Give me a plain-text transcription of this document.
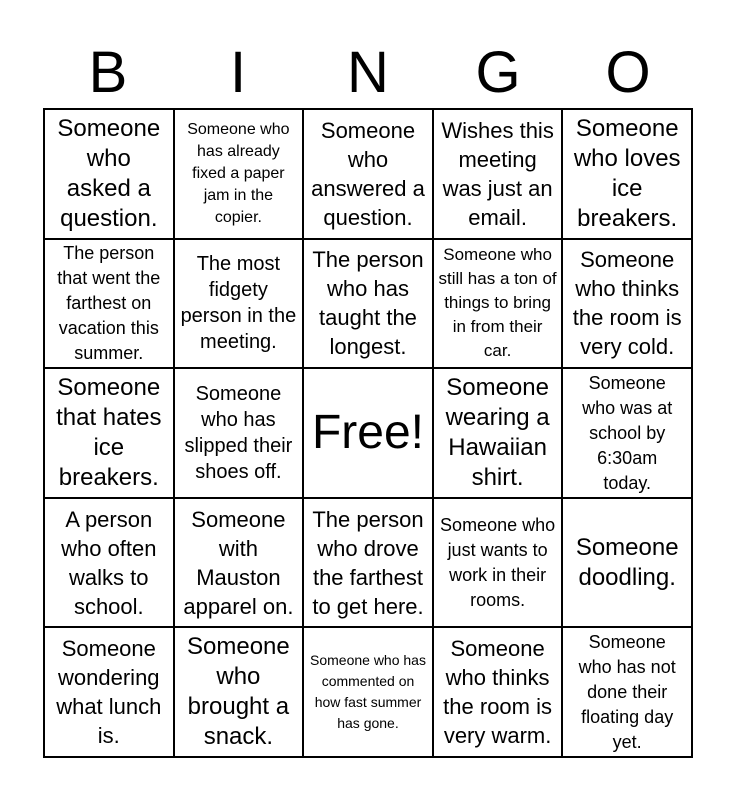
B	I	N	G	O
Someone who asked a question.
Someone who has already fixed a paper jam in the copier.
Someone who answered a question.
Wishes this meeting was just an email.
Someone who loves ice breakers.
The person that went the farthest on vacation this summer.
The most fidgety person in the meeting.
The person who has taught the longest.
Someone who still has a ton of things to bring in from their car.
Someone who thinks the room is very cold.
Someone that hates ice breakers.
Someone who has slipped their shoes off.
Free!
Someone wearing a Hawaiian shirt.
Someone who was at school by 6:30am today.
A person who often walks to school.
Someone with Mauston apparel on.
The person who drove the farthest to get here.
Someone who just wants to work in their rooms.
Someone doodling.
Someone wondering what lunch is.
Someone who brought a snack.
Someone who has commented on how fast summer has gone.
Someone who thinks the room is very warm.
Someone who has not done their floating day yet.
